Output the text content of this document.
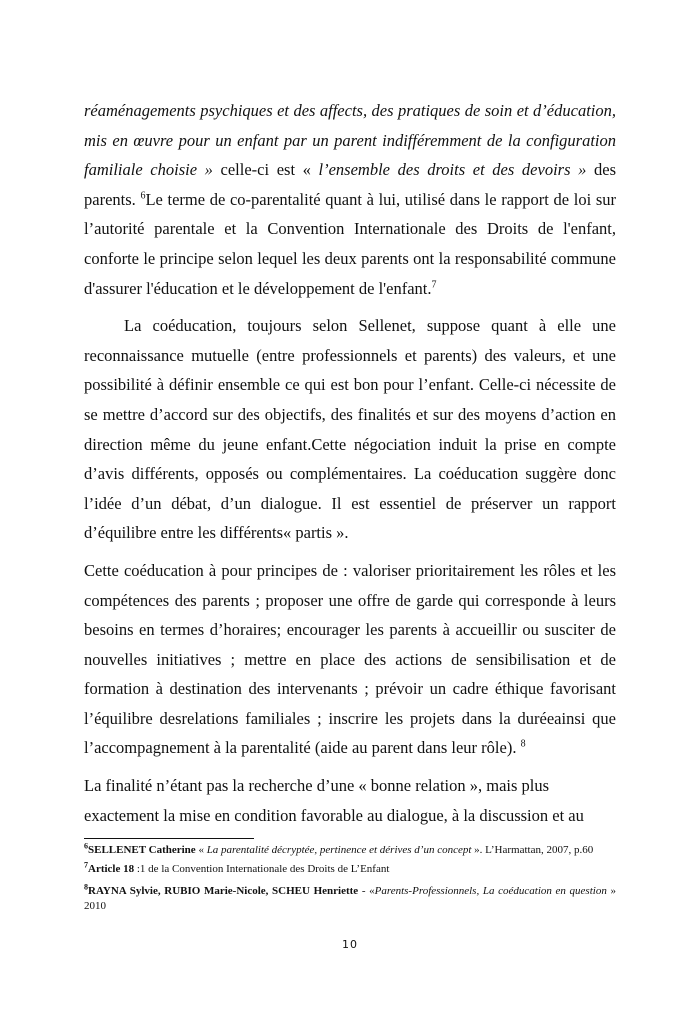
réaménagements psychiques et des affects, des pratiques de soin et d’éducation,
mis en œuvre pour un enfant par un parent indifféremment de la configuration
familiale choisie » celle-ci est « l’ensemble des droits et des devoirs » des
parents. $^6$Le terme de co-parentalité quant à lui, utilisé dans le rapport de loi sur
l’autorité parentale et la Convention Internationale des Droits de l'enfant,
conforte le principe selon lequel les deux parents ont la responsabilité commune
d'assurer l'éducation et le développement de l'enfant.$^7$
La coéducation, toujours selon Sellenet, suppose quant à elle une
reconnaissance mutuelle (entre professionnels et parents) des valeurs, et une
possibilité à définir ensemble ce qui est bon pour l’enfant. Celle-ci nécessite de
se mettre d’accord sur des objectifs, des finalités et sur des moyens d’action en
direction même du jeune enfant.Cette négociation induit la prise en compte
d’avis différents, opposés ou complémentaires. La coéducation suggère donc
l’idée d’un débat, d’un dialogue. Il est essentiel de préserver un rapport
d’équilibre entre les différents« partis ».
Cette coéducation à pour principes de : valoriser prioritairement les rôles et les
compétences des parents ; proposer une offre de garde qui corresponde à leurs
besoins en termes d’horaires; encourager les parents à accueillir ou susciter de
nouvelles initiatives ; mettre en place des actions de sensibilisation et de
formation à destination des intervenants ; prévoir un cadre éthique favorisant
l’équilibre desrelations familiales ; inscrire les projets dans la duréeainsi que
l’accompagnement à la parentalité (aide au parent dans leur rôle). $^8$
La finalité n’étant pas la recherche d’une « bonne relation », mais plus
exactement la mise en condition favorable au dialogue, à la discussion et au

$^6$SELLENET Catherine « La parentalité décryptée, pertinence et dérives d’un concept ». L’Harmattan, 2007, p.60

$^7$Article 18 :1 de la Convention Internationale des Droits de L’Enfant

$^8$RAYNA Sylvie, RUBIO Marie-Nicole, SCHEU Henriette - «Parents-Professionnels, La coéducation en question » 2010

10
